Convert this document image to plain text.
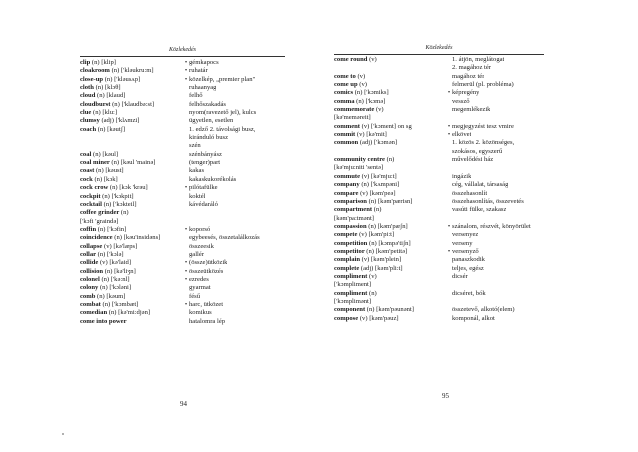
Közlekedés
clip (n) [klip]	• gémkapocs
cloakroom (n) ['kləukru:m]	• ruhatár
close-up (n) ['kləusʌp]	• közelkép, „premier plan"
cloth (n) [klɔθ]	ruhaanyag
cloud (n) [klaud]	felhő
cloudburst (n) ['klaudbə:st]	felhőszakadás
clue (n) [klu:]	nyom(ravezető jel), kulcs
clumsy (adj) ['klʌmzi]	ügyetlen, esetlen
coach (n) [kəutʃ]	1. edző 2. távolsági busz,
kiránduló busz
szén
coal (n) [kəul]	szénbányász
coal miner (n) [kəul 'mainə]	(tenger)part
coast (n) [kəust]	kakas
cock (n) [kɔk]	kakaskukorékolás
cock crow (n) [kɔk 'krəu]	• pilótafülke
cockpit (n) ['kɔkpit]	koktél
cocktail (n) ['kɔkteil]	kávédaráló
coffee grinder (n)
['kɔfi 'graində]
coffin (n) ['kɔfin]	• koporsó
coincidence (n) [kəu'insidəns]	egybeesés, összetalálkozás
collapse (v) [kə'læps]	összeesik
collar (n) ['kɔlə]	gallér
collide (v) [kə'laid]	• (össze)ütközik
collision (n) [kə'liʒn]	• összeütközés
colonel (n) ['kə:nl]	• ezredes
colony (n) ['kɔləni]	gyarmat
comb (n) [kəum]	fésű
combat (n) ['kɔmbæt]	• harc, ütközet
comedian (n) [kə'mi:djən]	komikus
come into power	hatalomra lép
94
Közlekedés
come round (v)	1. átjön, meglátogat
2. magához tér
come to (v)	magához tér
come up (v)	felmerül (pl. probléma)
comics (n) ['kɔmiks]	• képregény
comma (n) ['kɔmə]	vessző
commemorate (v)	megemlékezik
[kə'meməreit]
comment (v) ['kɔment] on sg	• megjegyzést tesz vmire
commit (v) [kə'mit]	• elkövet
common (adj) ['kɔmən]	1. közös 2. közönséges,
szokásos, egyszerű
community centre (n)	művelődési ház
[kə'mju:niti 'sentə]
commute (v) [kə'mju:t]	ingázik
company (n) ['kʌmpəni]	cég, vállalat, társaság
compare (v) [kəm'peə]	összehasonlít
comparison (n) [kəm'pærisn]	összehasonlítás, összevetés
compartment (n)	vasúti fülke, szakasz
[kəm'pa:tmənt]
compassion (n) [kəm'pæʃn]	• szánalom, részvét, könyörület
compete (v) [kəm'pi:t]	versenyez
competition (n) [kɔmpə'tiʃn]	verseny
competitor (n) [kəm'petitə]	• versenyző
complain (v) [kəm'plein]	panaszkodik
complete (adj) [kəm'pli:t]	teljes, egész
compliment (v)	dicsér
['kɔmpliment]
compliment (n)	dicséret, bók
['kɔmplimənt]
component (n) [kəm'pəunənt]	összetevő, alkotó(elem)
compose (v) [kəm'pəuz]	komponál, alkot
95
